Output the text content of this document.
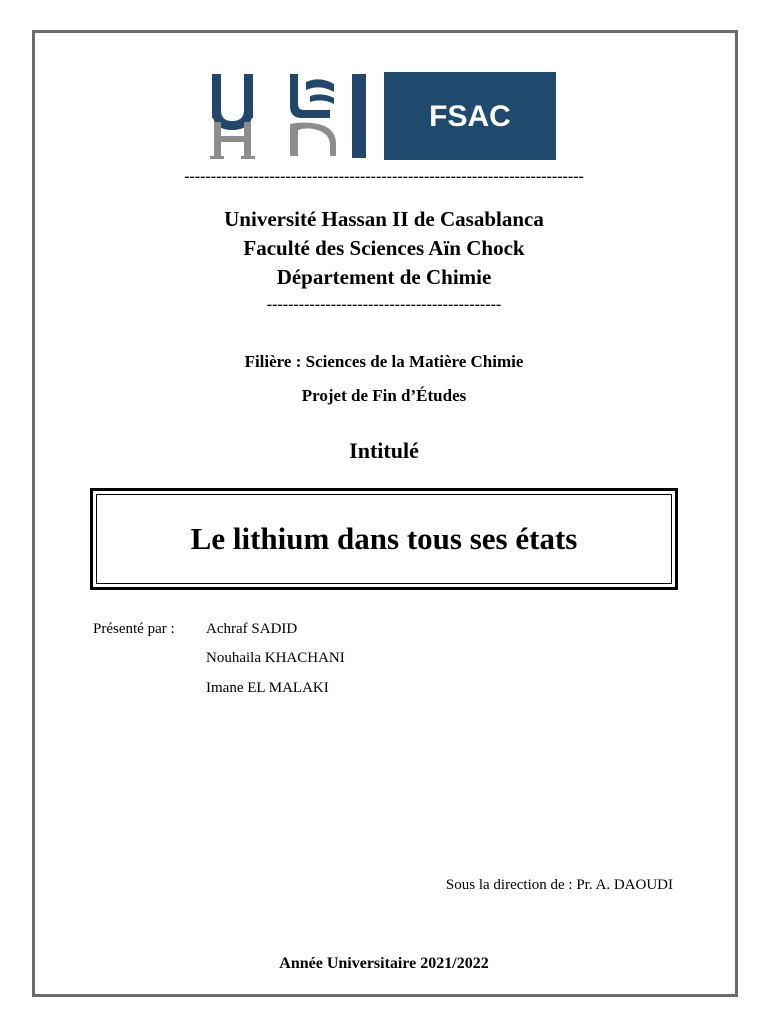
FSAC
---------------------------------------------------------------------------
Université Hassan II de Casablanca
Faculté des Sciences Aïn Chock
Département de Chimie
--------------------------------------------
Filière : Sciences de la Matière Chimie
Projet de Fin d’Études
Intitulé
Le lithium dans tous ses états
Présenté par : Achraf SADID
Nouhaila KHACHANI
Imane EL MALAKI
Sous la direction de : Pr. A. DAOUDI
Année Universitaire 2021/2022
